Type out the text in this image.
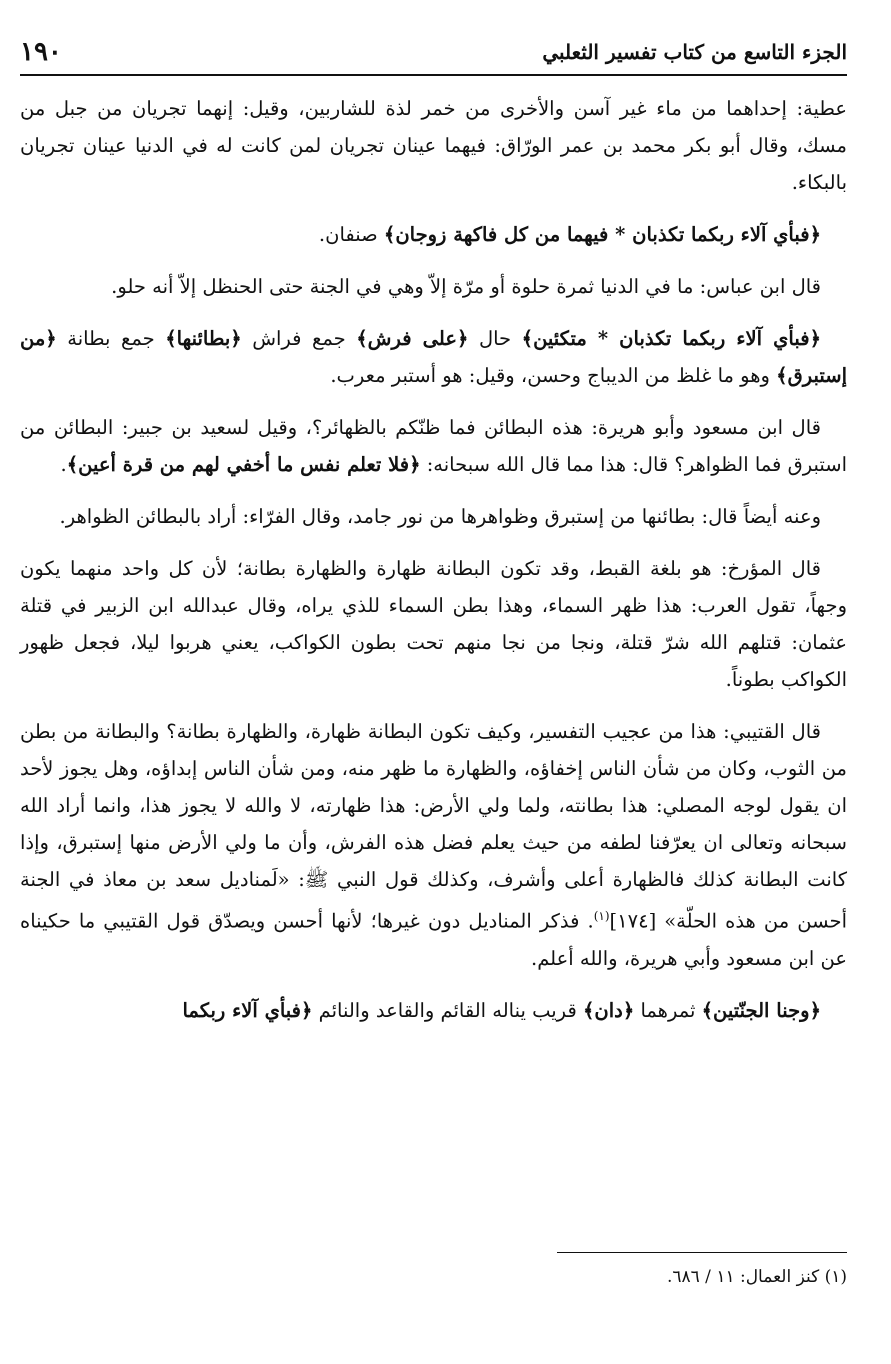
الجزء التاسع من كتاب تفسير الثعلبي
١٩٠

عطية: إحداهما من ماء غير آسن والأخرى من خمر لذة للشاربين، وقيل: إنهما تجريان من جبل من مسك، وقال أبو بكر محمد بن عمر الورّاق: فيهما عينان تجريان لمن كانت له في الدنيا عينان تجريان بالبكاء.

﴿فبأي آلاء ربكما تكذبان * فيهما من كل فاكهة زوجان﴾ صنفان.

قال ابن عباس: ما في الدنيا ثمرة حلوة أو مرّة إلاّ وهي في الجنة حتى الحنظل إلاّ أنه حلو.

﴿فبأي آلاء ربكما تكذبان * متكئين﴾ حال ﴿على فرش﴾ جمع فراش ﴿بطائنها﴾ جمع بطانة ﴿من إستبرق﴾ وهو ما غلظ من الديباج وحسن، وقيل: هو أستبر معرب.

قال ابن مسعود وأبو هريرة: هذه البطائن فما ظنّكم بالظهائر؟، وقيل لسعيد بن جبير: البطائن من استبرق فما الظواهر؟ قال: هذا مما قال الله سبحانه: ﴿فلا تعلم نفس ما أخفي لهم من قرة أعين﴾.

وعنه أيضاً قال: بطائنها من إستبرق وظواهرها من نور جامد، وقال الفرّاء: أراد بالبطائن الظواهر.

قال المؤرخ: هو بلغة القبط، وقد تكون البطانة ظهارة والظهارة بطانة؛ لأن كل واحد منهما يكون وجهاً، تقول العرب: هذا ظهر السماء، وهذا بطن السماء للذي يراه، وقال عبدالله ابن الزبير في قتلة عثمان: قتلهم الله شرّ قتلة، ونجا من نجا منهم تحت بطون الكواكب، يعني هربوا ليلا، فجعل ظهور الكواكب بطوناً.

قال القتيبي: هذا من عجيب التفسير، وكيف تكون البطانة ظهارة، والظهارة بطانة؟ والبطانة من بطن من الثوب، وكان من شأن الناس إخفاؤه، والظهارة ما ظهر منه، ومن شأن الناس إبداؤه، وهل يجوز لأحد ان يقول لوجه المصلي: هذا بطانته، ولما ولي الأرض: هذا ظهارته، لا والله لا يجوز هذا، وانما أراد الله سبحانه وتعالى ان يعرّفنا لطفه من حيث يعلم فضل هذه الفرش، وأن ما ولي الأرض منها إستبرق، وإذا كانت البطانة كذلك فالظهارة أعلى وأشرف، وكذلك قول النبي ﷺ: «لَمناديل سعد بن معاذ في الجنة أحسن من هذه الحلّة» [١٧٤]$^{(١)}$. فذكر المناديل دون غيرها؛ لأنها أحسن ويصدّق قول القتيبي ما حكيناه عن ابن مسعود وأبي هريرة، والله أعلم.

﴿وجنا الجنّتين﴾ ثمرهما ﴿دان﴾ قريب يناله القائم والقاعد والنائم ﴿فبأي آلاء ربكما

(١) كنز العمال: ١١ / ٦٨٦.
